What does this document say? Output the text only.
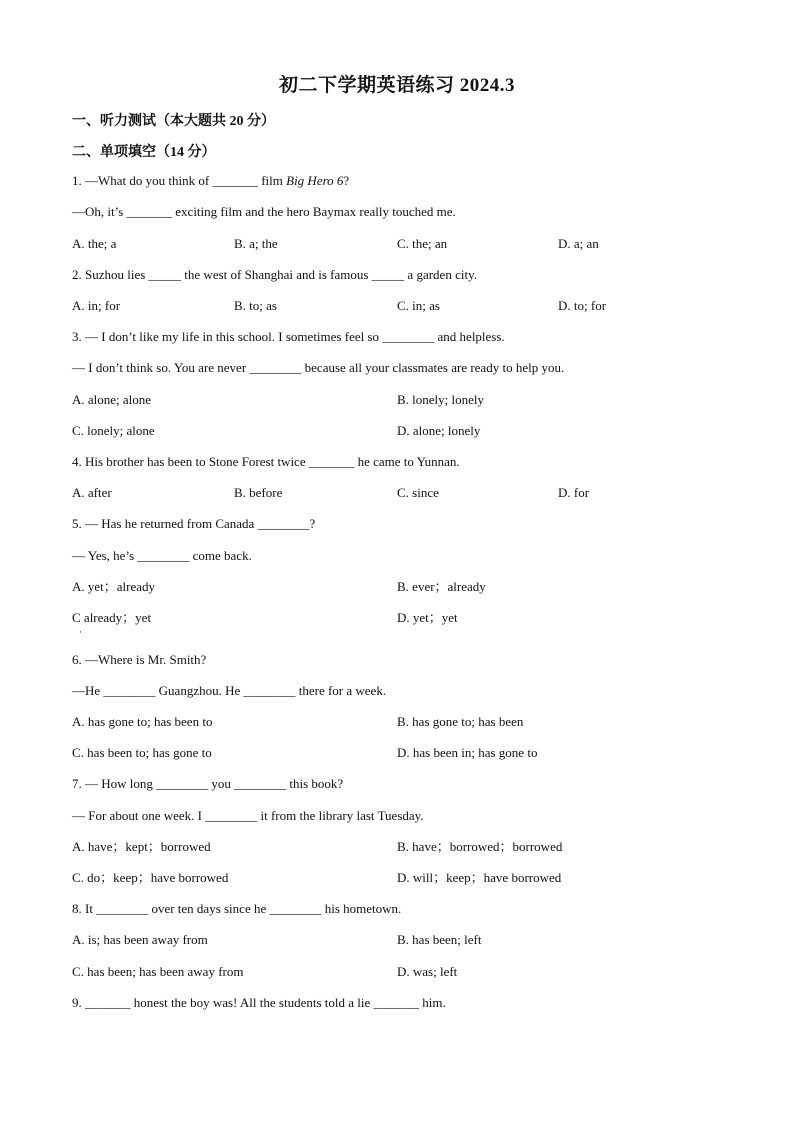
初二下学期英语练习 2024.3
一、听力测试（本大题共 20 分）
二、单项填空（14 分）
1. —What do you think of _______ film Big Hero 6?
—Oh, it’s _______ exciting film and the hero Baymax really touched me.
A. the; a	B. a; the	C. the; an	D. a; an
2. Suzhou lies _____ the west of Shanghai and is famous _____ a garden city.
A. in; for	B. to; as	C. in; as	D. to; for
3. — I don’t like my life in this school. I sometimes feel so ________ and helpless.
— I don’t think so. You are never ________ because all your classmates are ready to help you.
A. alone; alone	B. lonely; lonely
C. lonely; alone	D. alone; lonely
4. His brother has been to Stone Forest twice _______ he came to Yunnan.
A. after	B. before	C. since	D. for
5. — Has he returned from Canada ________?
— Yes, he’s ________ come back.
A. yet；already	B. ever；already
C already；yet	D. yet；yet
·
6. —Where is Mr. Smith?
—He ________ Guangzhou. He ________ there for a week.
A. has gone to; has been to	B. has gone to; has been
C. has been to; has gone to	D. has been in; has gone to
7. — How long ________ you ________ this book?
— For about one week. I ________ it from the library last Tuesday.
A. have；kept；borrowed	B. have；borrowed；borrowed
C. do；keep；have borrowed	D. will；keep；have borrowed
8. It ________ over ten days since he ________ his hometown.
A. is; has been away from	B. has been; left
C. has been; has been away from	D. was; left
9. _______ honest the boy was! All the students told a lie _______ him.
